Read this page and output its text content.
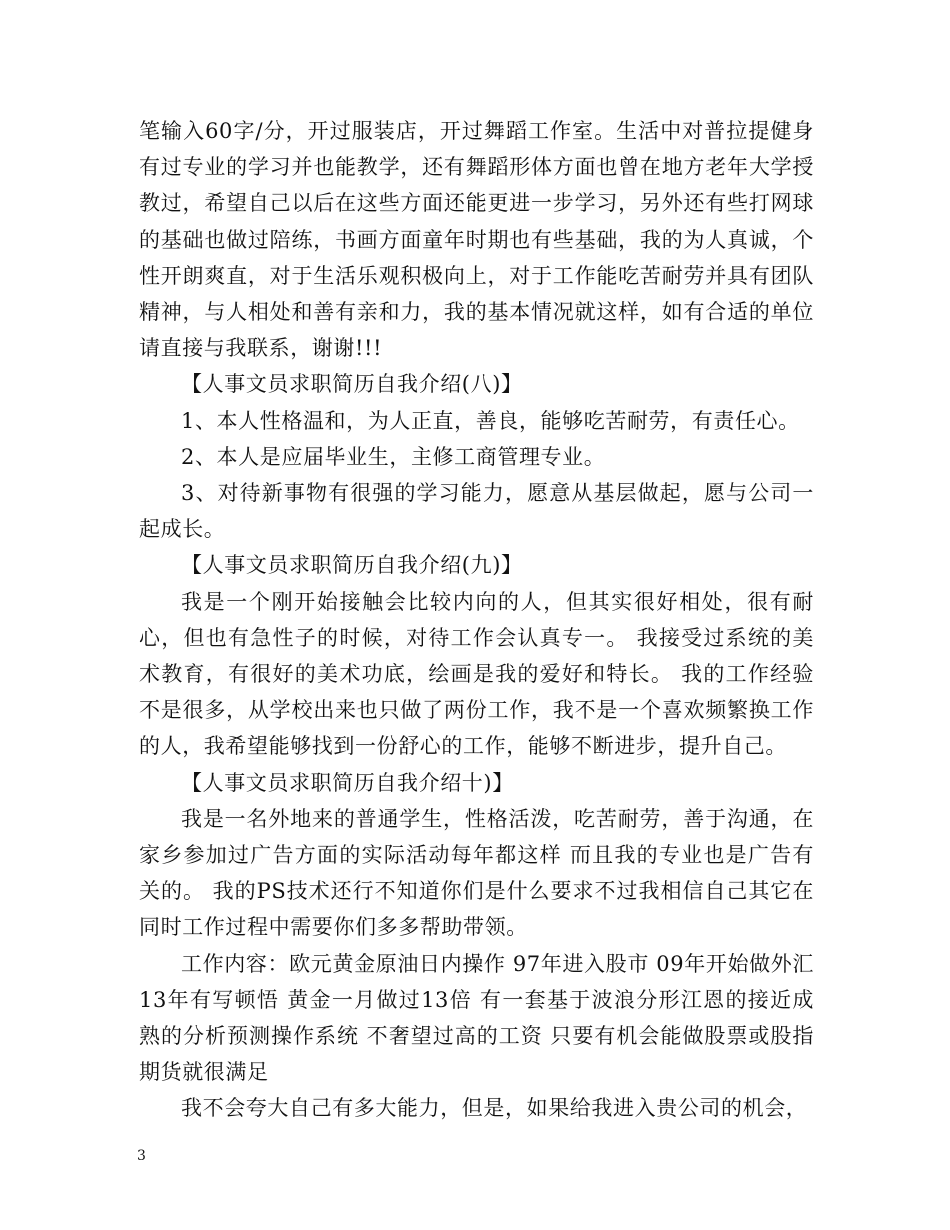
笔输入60字/分，开过服装店，开过舞蹈工作室。生活中对普拉提健身有过专业的学习并也能教学，还有舞蹈形体方面也曾在地方老年大学授教过，希望自己以后在这些方面还能更进一步学习，另外还有些打网球的基础也做过陪练，书画方面童年时期也有些基础，我的为人真诚，个性开朗爽直，对于生活乐观积极向上，对于工作能吃苦耐劳并具有团队精神，与人相处和善有亲和力，我的基本情况就这样，如有合适的单位请直接与我联系，谢谢!!!

【人事文员求职简历自我介绍(八)】

1、本人性格温和，为人正直，善良，能够吃苦耐劳，有责任心。

2、本人是应届毕业生，主修工商管理专业。

3、对待新事物有很强的学习能力，愿意从基层做起，愿与公司一起成长。

【人事文员求职简历自我介绍(九)】

我是一个刚开始接触会比较内向的人，但其实很好相处，很有耐心，但也有急性子的时候，对待工作会认真专一。 我接受过系统的美术教育，有很好的美术功底，绘画是我的爱好和特长。 我的工作经验不是很多，从学校出来也只做了两份工作，我不是一个喜欢频繁换工作的人，我希望能够找到一份舒心的工作，能够不断进步，提升自己。

【人事文员求职简历自我介绍十)】

我是一名外地来的普通学生，性格活泼，吃苦耐劳，善于沟通，在家乡参加过广告方面的实际活动每年都这样 而且我的专业也是广告有关的。 我的PS技术还行不知道你们是什么要求不过我相信自己其它在同时工作过程中需要你们多多帮助带领。

工作内容：欧元黄金原油日内操作 97年进入股市 09年开始做外汇13年有写顿悟 黄金一月做过13倍 有一套基于波浪分形江恩的接近成熟的分析预测操作系统 不奢望过高的工资 只要有机会能做股票或股指期货就很满足

我不会夸大自己有多大能力，但是，如果给我进入贵公司的机会，

3
